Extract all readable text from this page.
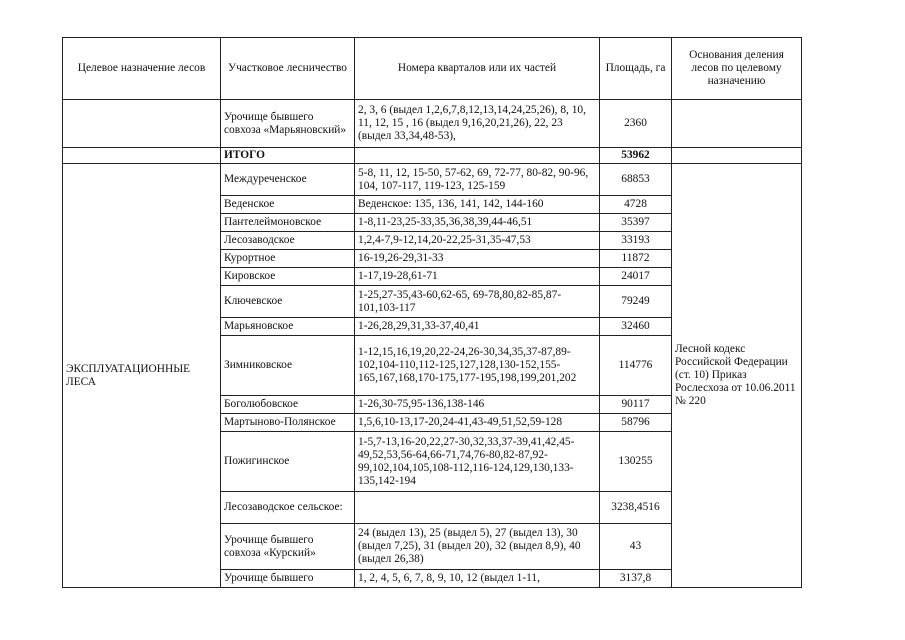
Целевое назначение лесов	Участковое лесничество	Номера кварталов или их частей	Площадь, га	Основания деления лесов по целевому назначению
	Урочище бывшего совхоза «Марьяновский»	2, 3, 6 (выдел 1,2,6,7,8,12,13,14,24,25,26), 8, 10, 11, 12, 15 , 16 (выдел 9,16,20,21,26), 22, 23 (выдел 33,34,48-53),	2360	
	ИТОГО		53962	
ЭКСПЛУАТАЦИОННЫЕ ЛЕСА	Междуреченское	5-8, 11, 12, 15-50, 57-62, 69, 72-77, 80-82, 90-96, 104, 107-117, 119-123, 125-159	68853	Лесной кодекс Российской Федерации (ст. 10) Приказ Рослесхоза от 10.06.2011 № 220
	Веденское	Веденское: 135, 136, 141, 142, 144-160	4728	
	Пантелеймоновское	1-8,11-23,25-33,35,36,38,39,44-46,51	35397	
	Лесозаводское	1,2,4-7,9-12,14,20-22,25-31,35-47,53	33193	
	Курортное	16-19,26-29,31-33	11872	
	Кировское	1-17,19-28,61-71	24017	
	Ключевское	1-25,27-35,43-60,62-65, 69-78,80,82-85,87-101,103-117	79249	
	Марьяновское	1-26,28,29,31,33-37,40,41	32460	
	Зимниковское	1-12,15,16,19,20,22-24,26-30,34,35,37-87,89-102,104-110,112-125,127,128,130-152,155-165,167,168,170-175,177-195,198,199,201,202	114776	
	Боголюбовское	1-26,30-75,95-136,138-146	90117	
	Мартыново-Полянское	1,5,6,10-13,17-20,24-41,43-49,51,52,59-128	58796	
	Пожигинское	1-5,7-13,16-20,22,27-30,32,33,37-39,41,42,45-49,52,53,56-64,66-71,74,76-80,82-87,92-99,102,104,105,108-112,116-124,129,130,133-135,142-194	130255	
	Лесозаводское сельское:		3238,4516	
	Урочище бывшего совхоза «Курский»	24 (выдел 13), 25 (выдел 5), 27 (выдел 13), 30 (выдел 7,25), 31 (выдел 20), 32 (выдел 8,9), 40 (выдел 26,38)	43	
	Урочище бывшего	1, 2, 4, 5, 6, 7, 8, 9, 10, 12 (выдел 1-11,	3137,8	
